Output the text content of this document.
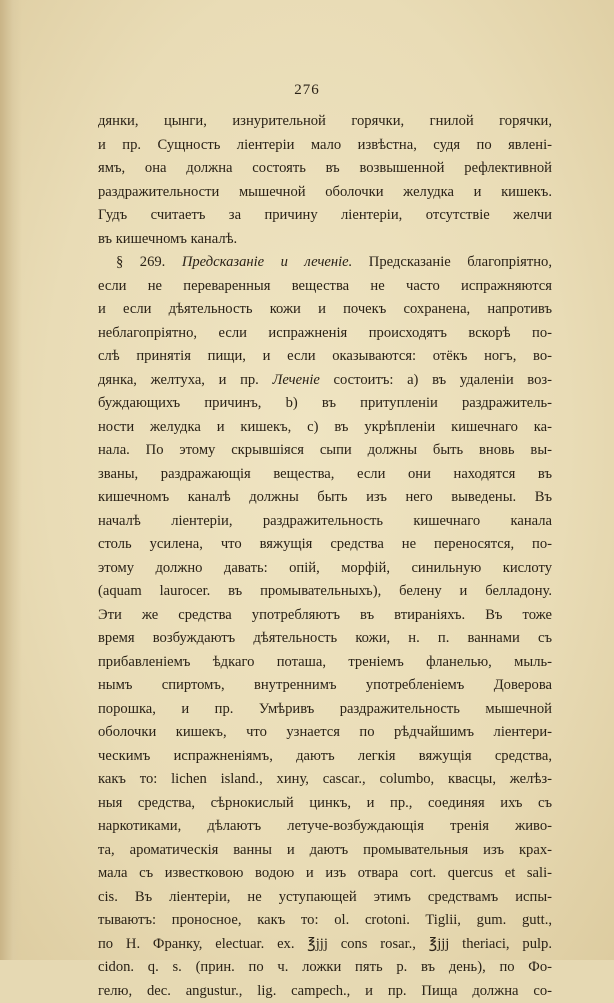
276
дянки, цынги, изнурительной горячки, гнилой горячки,
и пр. Сущность лiентерiи мало извѣстна, судя по явленi-
ямъ, она должна состоять въ возвышенной рефлективной
раздражительности мышечной оболочки желудка и кишекъ.
Гудъ считаетъ за причину лiентерiи, отсутствiе желчи
въ кишечномъ каналѣ.
§ 269. Предсказанiе и леченiе. Предсказанiе благопрiятно,
если не переваренныя вещества не часто испражняются
и если дѣятельность кожи и почекъ сохранена, напротивъ
неблагопрiятно, если испражненiя происходятъ вскорѣ по-
слѣ принятiя пищи, и если оказываются: отёкъ ногъ, во-
дянка, желтуха, и пр. Леченiе состоитъ: а) въ удаленiи воз-
буждающихъ причинъ, b) въ притупленiи раздражитель-
ности желудка и кишекъ, с) въ укрѣпленiи кишечнаго ка-
нала. По этому скрывшiяся сыпи должны быть вновь вы-
званы, раздражающiя вещества, если они находятся въ
кишечномъ каналѣ должны быть изъ него выведены. Въ
началѣ лiентерiи, раздражительность кишечнаго канала
столь усилена, что вяжущiя средства не переносятся, по-
этому должно давать: опiй, морфiй, синильную кислоту
(aquam laurocer. въ промывательныхъ), белену и белладону.
Эти же средства употребляютъ въ втиранiяхъ. Въ тоже
время возбуждаютъ дѣятельность кожи, н. п. ваннами съ
прибавленiемъ ѣдкаго поташа, тренiемъ фланелью, мыль-
нымъ спиртомъ, внутреннимъ употребленiемъ Доверова
порошка, и пр. Умѣривъ раздражительность мышечной
оболочки кишекъ, что узнается по рѣдчайшимъ лiентери-
ческимъ испражненiямъ, даютъ легкiя вяжущiя средства,
какъ то: lichen island., хину, cascar., columbo, квасцы, желѣз-
ныя средства, сѣрнокислый цинкъ, и пр., соединяя ихъ съ
наркотиками, дѣлаютъ летуче-возбуждающiя тренiя живо-
та, ароматическiя ванны и даютъ промывательныя изъ крах-
мала съ известковою водою и изъ отвара cort. quercus et sali-
cis. Въ лiентерiи, не уступающей этимъ средствамъ испы-
тываютъ: проносное, какъ то: ol. crotoni. Tiglii, gum. gutt.,
по Н. Франку, electuar. ex. ℥jjj cons rosar., ℥jjj theriaci, pulp.
cidon. q. s. (прин. по ч. ложки пять р. въ день), по Фо-
гелю, dec. angustur., lig. campech., и пр. Пища должна со-
